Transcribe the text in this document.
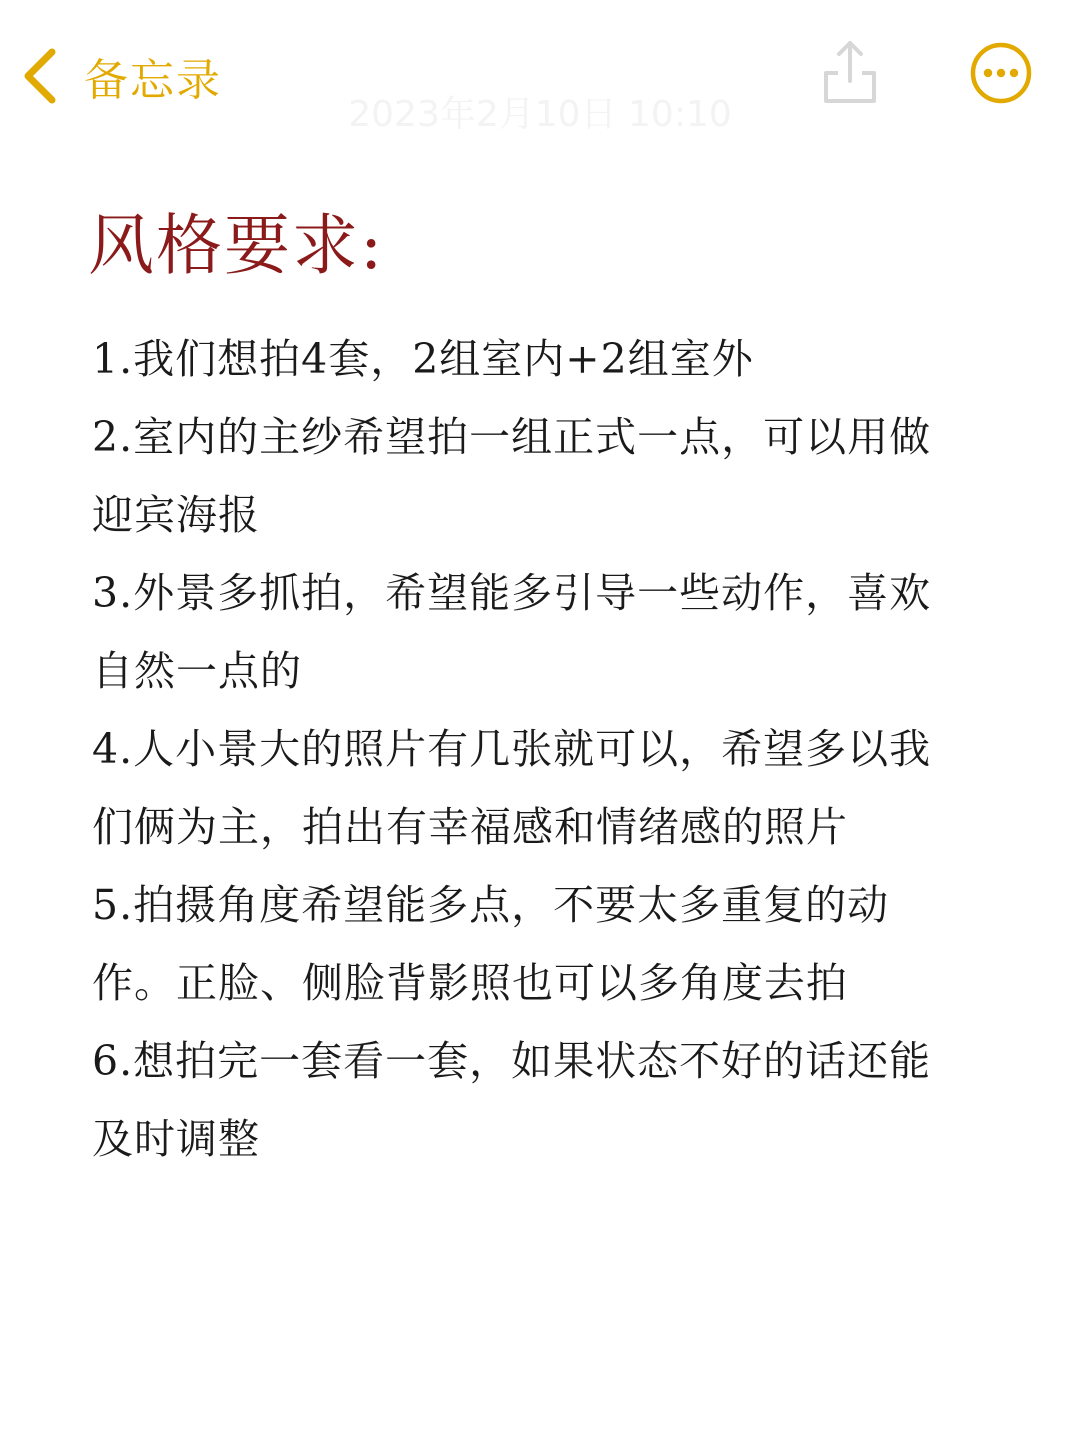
备忘录
2023年2月10日 10:10
风格要求:

1.我们想拍4套，2组室内+2组室外

2.室内的主纱希望拍一组正式一点，可以用做迎宾海报

3.外景多抓拍，希望能多引导一些动作，喜欢自然一点的

4.人小景大的照片有几张就可以，希望多以我们俩为主，拍出有幸福感和情绪感的照片

5.拍摄角度希望能多点，不要太多重复的动作。正脸、侧脸背影照也可以多角度去拍

6.想拍完一套看一套，如果状态不好的话还能及时调整
